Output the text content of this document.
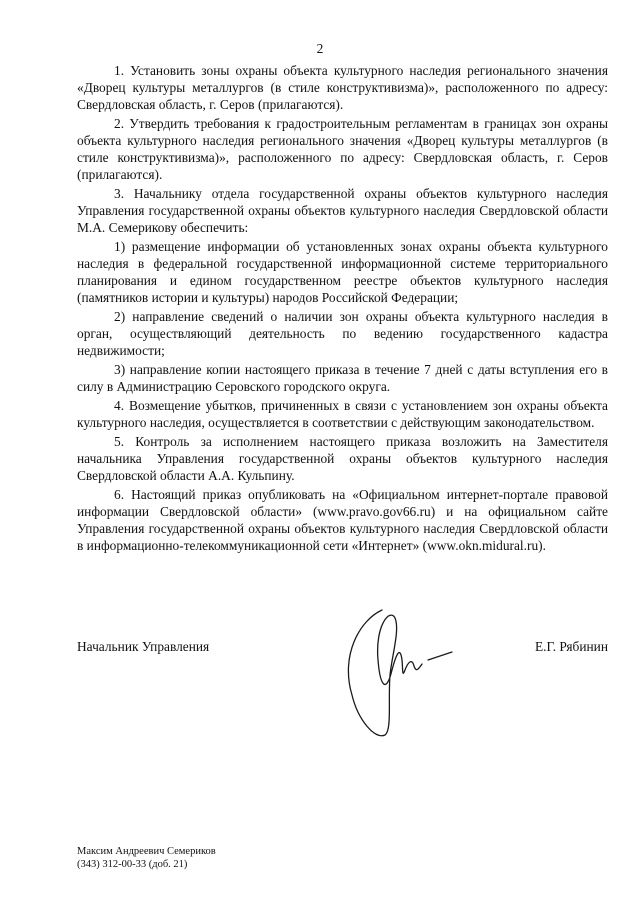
2

1. Установить зоны охраны объекта культурного наследия регионального значения «Дворец культуры металлургов (в стиле конструктивизма)», расположенного по адресу: Свердловская область, г. Серов (прилагаются).

2. Утвердить требования к градостроительным регламентам в границах зон охраны объекта культурного наследия регионального значения «Дворец культуры металлургов (в стиле конструктивизма)», расположенного по адресу: Свердловская область, г. Серов (прилагаются).

3. Начальнику отдела государственной охраны объектов культурного наследия Управления государственной охраны объектов культурного наследия Свердловской области М.А. Семерикову обеспечить:

1) размещение информации об установленных зонах охраны объекта культурного наследия в федеральной государственной информационной системе территориального планирования и едином государственном реестре объектов культурного наследия (памятников истории и культуры) народов Российской Федерации;

2) направление сведений о наличии зон охраны объекта культурного наследия в орган, осуществляющий деятельность по ведению государственного кадастра недвижимости;

3) направление копии настоящего приказа в течение 7 дней с даты вступления его в силу в Администрацию Серовского городского округа.

4. Возмещение убытков, причиненных в связи с установлением зон охраны объекта культурного наследия, осуществляется в соответствии с действующим законодательством.

5. Контроль за исполнением настоящего приказа возложить на Заместителя начальника Управления государственной охраны объектов культурного наследия Свердловской области А.А. Кульпину.

6. Настоящий приказ опубликовать на «Официальном интернет-портале правовой информации Свердловской области» (www.pravo.gov66.ru) и на официальном сайте Управления государственной охраны объектов культурного наследия Свердловской области в информационно-телекоммуникационной сети «Интернет» (www.okn.midural.ru).

Начальник Управления	Е.Г. Рябинин
Максим Андреевич Семериков
(343) 312-00-33 (доб. 21)
